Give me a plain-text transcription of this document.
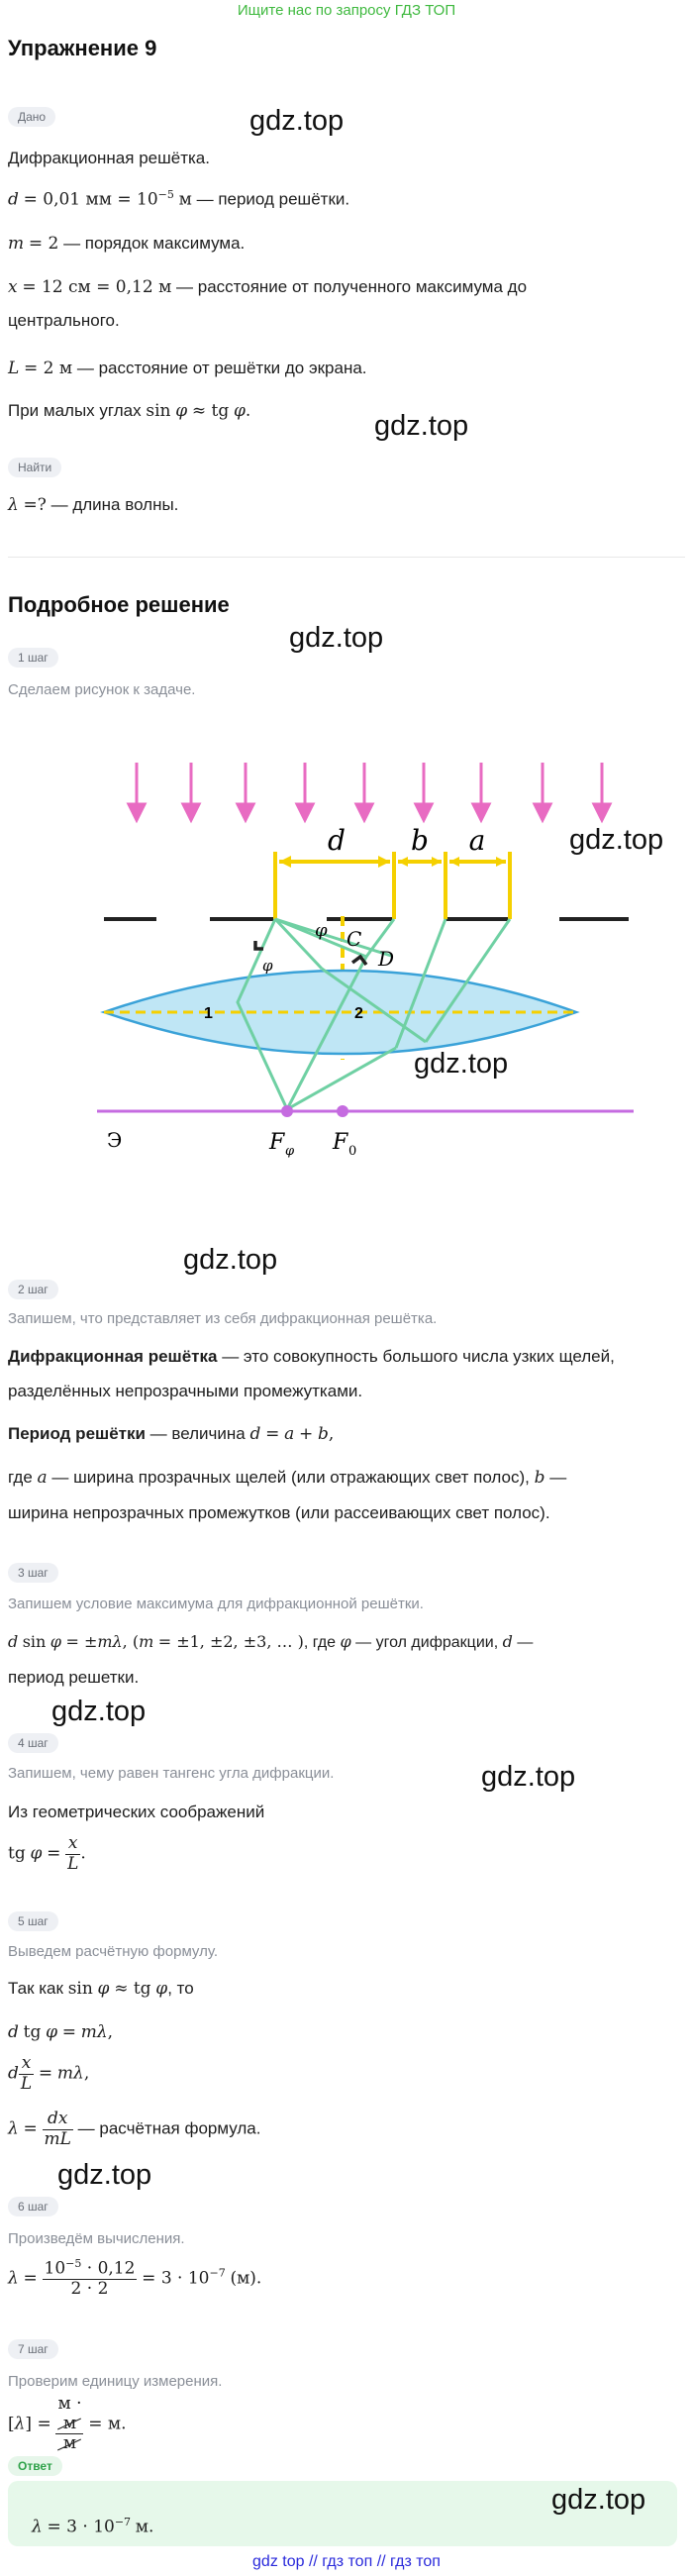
Ищите нас по запросу ГДЗ ТОП
Упражнение 9
Дано	gdz.top
Дифракционная решётка.
d = 0,01 мм = $10^{-5}$ м — период решётки.
m = 2 — порядок максимума.
x = 12 см = 0,12 м — расстояние от полученного максимума до
центрального.
L = 2 м — расстояние от решётки до экрана.
При малых углах sin φ ≈ tg φ.	gdz.top
Найти
λ =? — длина волны.
Подробное решение
gdz.top
1 шаг
Сделаем рисунок к задаче.
d b a
φ
φ
C
D
1	2
Э	F φ F 0
gdz.top
gdz.top
gdz.top
2 шаг
Запишем, что представляет из себя дифракционная решётка.
Дифракционная решётка — это совокупность большого числа узких щелей,
разделённых непрозрачными промежутками.
Период решётки — величина d = a + b,
где a — ширина прозрачных щелей (или отражающих свет полос), b —
ширина непрозрачных промежутков (или рассеивающих свет полос).
3 шаг
Запишем условие максимума для дифракционной решётки.
d sin φ = ±mλ, (m = ±1, ±2, ±3, … ), где φ — угол дифракции, d —
период решетки.
gdz.top
4 шаг
gdz.top
Запишем, чему равен тангенс угла дифракции.
Из геометрических соображений
tg $\varphi = \frac{x}{L}$ .
5 шаг
Выведем расчётную формулу.
Так как sin φ ≈ tg φ, то
d tg φ = mλ,
d $\frac{x}{L} = m\lambda$,
$\lambda = \frac{dx}{mL}$ — расчётная формула.
gdz.top
6 шаг
Произведём вычисления.
$\lambda = \frac{10^{-5} \cdot 0,12}{2 \cdot 2} = 3 \cdot 10^{-7}$ (м).
7 шаг
Проверим единицу измерения.
[λ] = м ·
м
м = м.
Ответ
$\lambda = 3 \cdot 10^{-7}$ м.
gdz.top
gdz top // гдз топ // гдз топ
